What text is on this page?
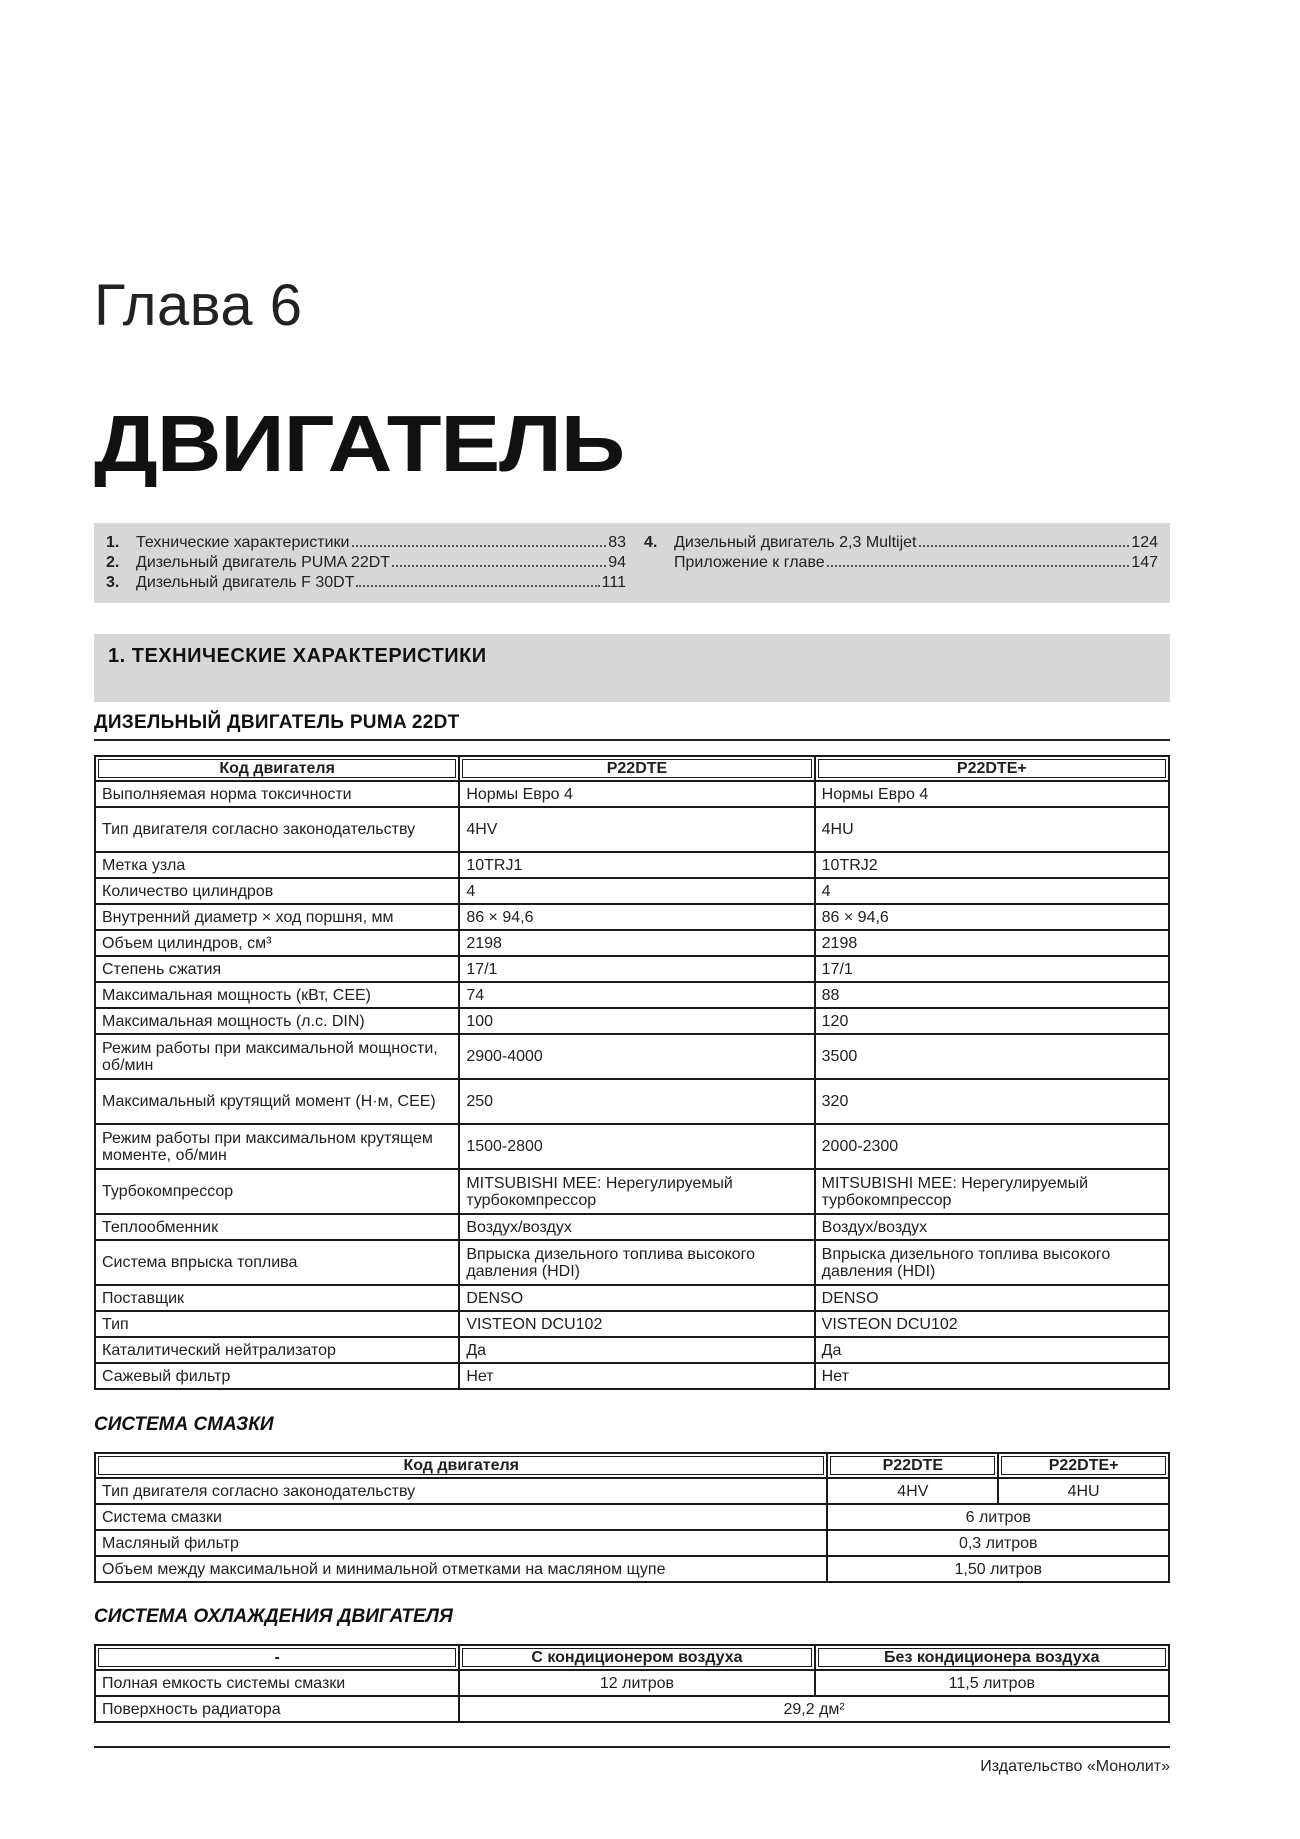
Глава 6
ДВИГАТЕЛЬ
1.	Технические характеристики	83
2.	Дизельный двигатель PUMA 22DT	94
3.	Дизельный двигатель F 30DT	111
4.	Дизельный двигатель 2,3 Multijet	124
Приложение к главе	147
1. ТЕХНИЧЕСКИЕ ХАРАКТЕРИСТИКИ
ДИЗЕЛЬНЫЙ ДВИГАТЕЛЬ PUMA 22DT
Код двигателя	P22DTE	P22DTE+
Выполняемая норма токсичности	Нормы Евро 4	Нормы Евро 4
Тип двигателя согласно законодательству	4HV	4HU
Метка узла	10TRJ1	10TRJ2
Количество цилиндров	4	4
Внутренний диаметр × ход поршня, мм	86 × 94,6	86 × 94,6
Объем цилиндров, см³	2198	2198
Степень сжатия	17/1	17/1
Максимальная мощность (кВт, СЕЕ)	74	88
Максимальная мощность (л.с. DIN)	100	120
Режим работы при максимальной мощности, об/мин	2900-4000	3500
Максимальный крутящий момент (Н·м, СЕЕ)	250	320
Режим работы при максимальном крутящем моменте, об/мин	1500-2800	2000-2300
Турбокомпрессор	MITSUBISHI MEE: Нерегулируемый турбокомпрессор	MITSUBISHI MEE: Нерегулируемый турбокомпрессор
Теплообменник	Воздух/воздух	Воздух/воздух
Система впрыска топлива	Впрыска дизельного топлива высокого давления (HDI)	Впрыска дизельного топлива высокого давления (HDI)
Поставщик	DENSO	DENSO
Тип	VISTEON DCU102	VISTEON DCU102
Каталитический нейтрализатор	Да	Да
Сажевый фильтр	Нет	Нет
СИСТЕМА СМАЗКИ
Код двигателя	P22DTE	P22DTE+
Тип двигателя согласно законодательству	4HV	4HU
Система смазки	6 литров	
Масляный фильтр	0,3 литров	
Объем между максимальной и минимальной отметками на масляном щупе	1,50 литров	
СИСТЕМА ОХЛАЖДЕНИЯ ДВИГАТЕЛЯ
-	С кондиционером воздуха	Без кондиционера воздуха
Полная емкость системы смазки	12 литров	11,5 литров
Поверхность радиатора	29,2 дм²	
Издательство «Монолит»
